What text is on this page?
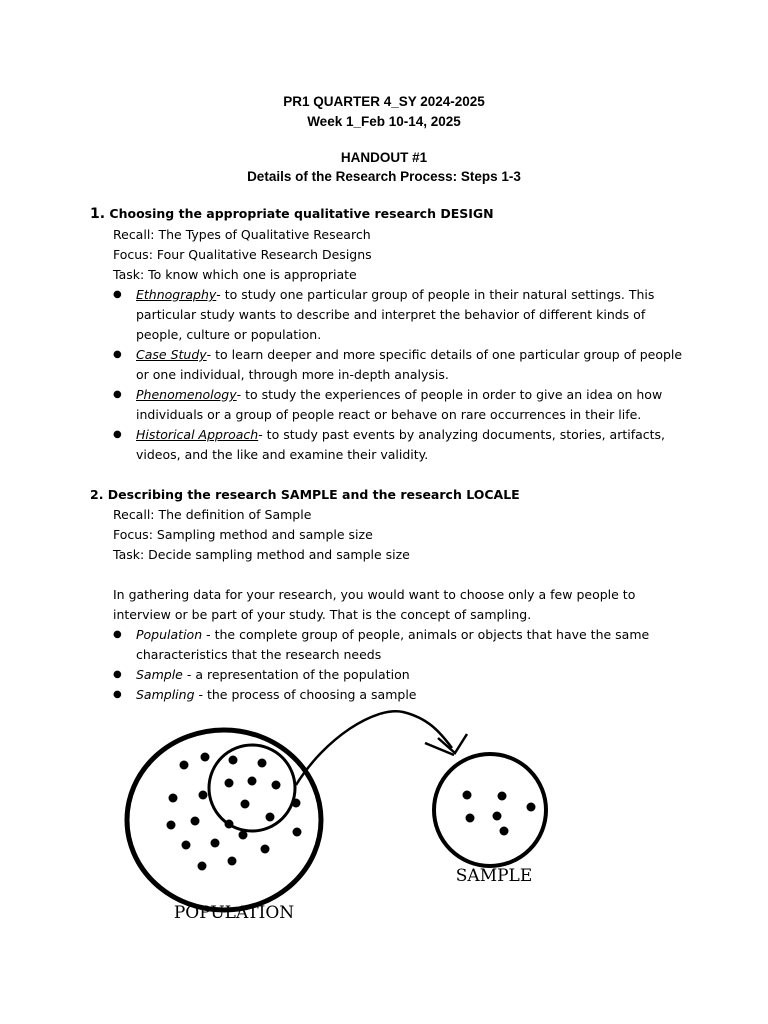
PR1 QUARTER 4_SY 2024-2025
Week 1_Feb 10-14, 2025
HANDOUT #1
Details of the Research Process: Steps 1-3
1. Choosing the appropriate qualitative research DESIGN
Recall: The Types of Qualitative Research
Focus: Four Qualitative Research Designs
Task: To know which one is appropriate
● Ethnography- to study one particular group of people in their natural settings. This particular study wants to describe and interpret the behavior of different kinds of people, culture or population.
● Case Study- to learn deeper and more specific details of one particular group of people or one individual, through more in-depth analysis.
● Phenomenology- to study the experiences of people in order to give an idea on how individuals or a group of people react or behave on rare occurrences in their life.
● Historical Approach- to study past events by analyzing documents, stories, artifacts, videos, and the like and examine their validity.
2. Describing the research SAMPLE and the research LOCALE
Recall: The definition of Sample
Focus: Sampling method and sample size
Task: Decide sampling method and sample size
In gathering data for your research, you would want to choose only a few people to interview or be part of your study. That is the concept of sampling.
● Population - the complete group of people, animals or objects that have the same characteristics that the research needs
● Sample - a representation of the population
● Sampling - the process of choosing a sample
SAMPLE
POPULATION
